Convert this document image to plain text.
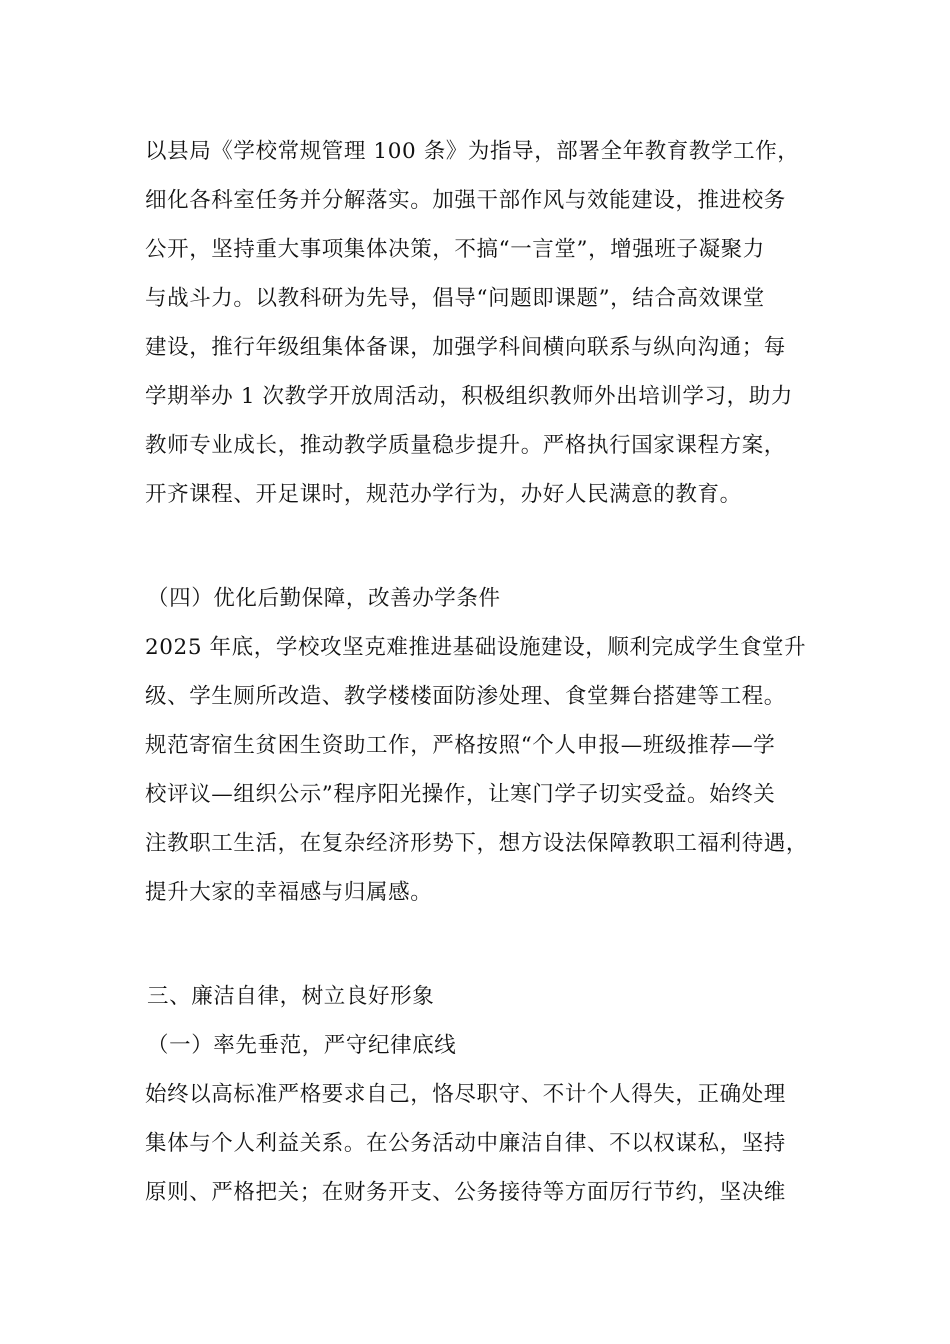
以县局《学校常规管理 100 条》为指导，部署全年教育教学工作，
细化各科室任务并分解落实。加强干部作风与效能建设，推进校务
公开，坚持重大事项集体决策，不搞“一言堂”，增强班子凝聚力
与战斗力。以教科研为先导，倡导“问题即课题”，结合高效课堂
建设，推行年级组集体备课，加强学科间横向联系与纵向沟通；每
学期举办 1 次教学开放周活动，积极组织教师外出培训学习，助力
教师专业成长，推动教学质量稳步提升。严格执行国家课程方案，
开齐课程、开足课时，规范办学行为，办好人民满意的教育。
（四）优化后勤保障，改善办学条件
2025 年底，学校攻坚克难推进基础设施建设，顺利完成学生食堂升
级、学生厕所改造、教学楼楼面防渗处理、食堂舞台搭建等工程。
规范寄宿生贫困生资助工作，严格按照“个人申报—班级推荐—学
校评议—组织公示”程序阳光操作，让寒门学子切实受益。始终关
注教职工生活，在复杂经济形势下，想方设法保障教职工福利待遇，
提升大家的幸福感与归属感。
三、廉洁自律，树立良好形象
（一）率先垂范，严守纪律底线
始终以高标准严格要求自己，恪尽职守、不计个人得失，正确处理
集体与个人利益关系。在公务活动中廉洁自律、不以权谋私，坚持
原则、严格把关；在财务开支、公务接待等方面厉行节约，坚决维
